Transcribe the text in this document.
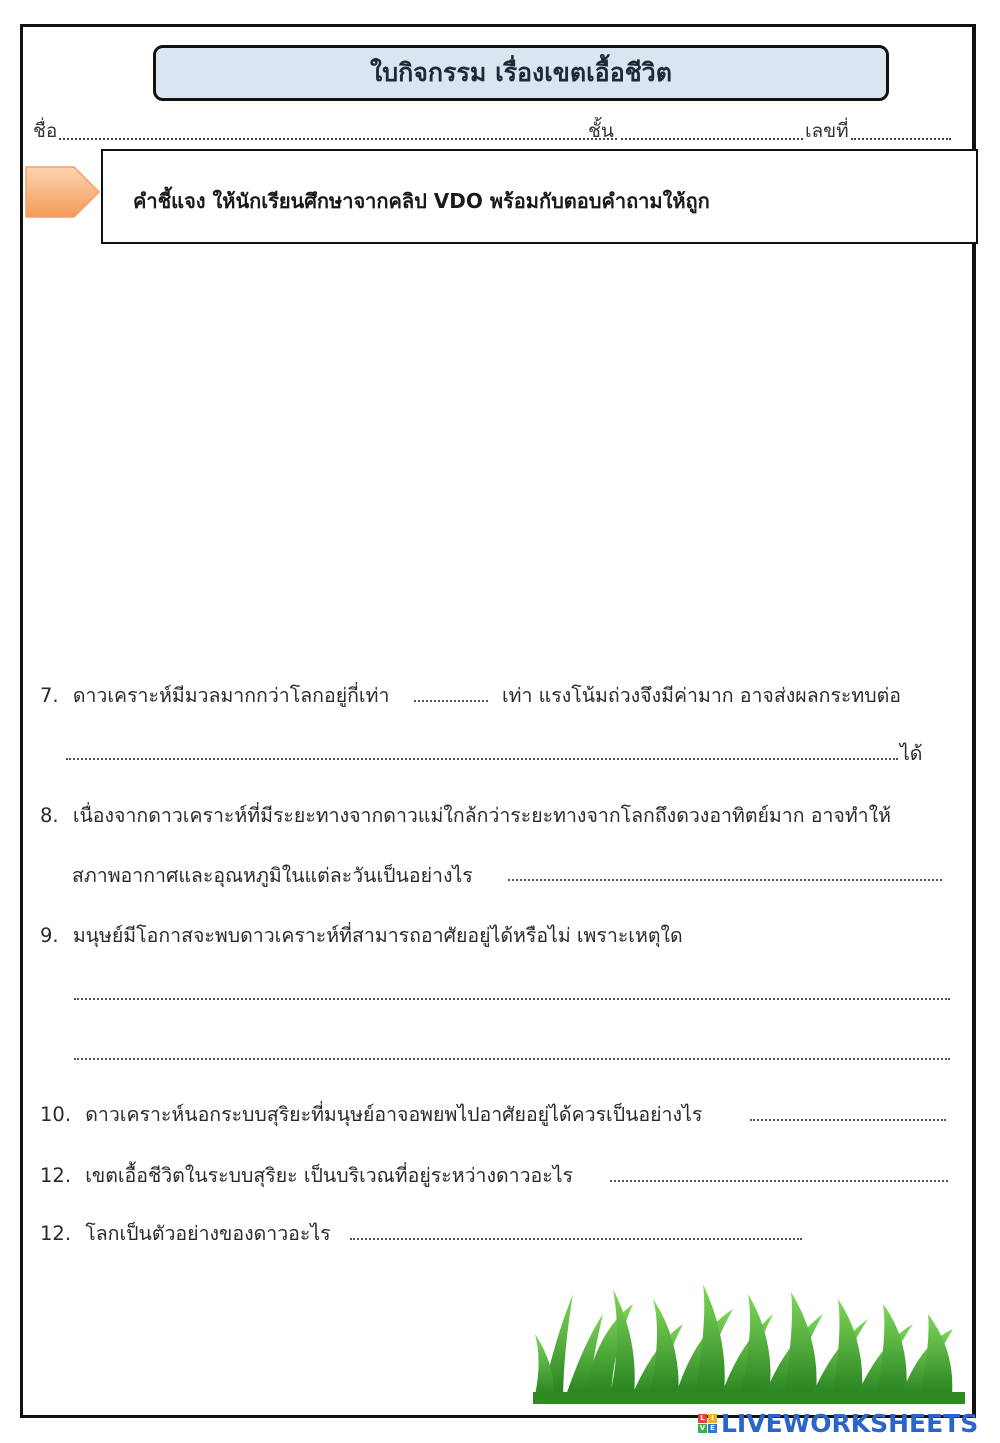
ใบกิจกรรม เรื่องเขตเอื้อชีวิต
ชื่อ	ชั้น	เลขที่
คำชี้แจง ให้นักเรียนศึกษาจากคลิป VDO พร้อมกับตอบคำถามให้ถูก
7. ดาวเคราะห์มีมวลมากกว่าโลกอยู่กี่เท่า	เท่า แรงโน้มถ่วงจึงมีค่ามาก อาจส่งผลกระทบต่อ
ได้
8. เนื่องจากดาวเคราะห์ที่มีระยะทางจากดาวแม่ใกล้กว่าระยะทางจากโลกถึงดวงอาทิตย์มาก อาจทำให้
สภาพอากาศและอุณหภูมิในแต่ละวันเป็นอย่างไร
9. มนุษย์มีโอกาสจะพบดาวเคราะห์ที่สามารถอาศัยอยู่ได้หรือไม่ เพราะเหตุใด
10. ดาวเคราะห์นอกระบบสุริยะที่มนุษย์อาจอพยพไปอาศัยอยู่ได้ควรเป็นอย่างไร
12. เขตเอื้อชีวิตในระบบสุริยะ เป็นบริเวณที่อยู่ระหว่างดาวอะไร
12. โลกเป็นตัวอย่างของดาวอะไร
L I
V E LIVEWORKSHEETS
